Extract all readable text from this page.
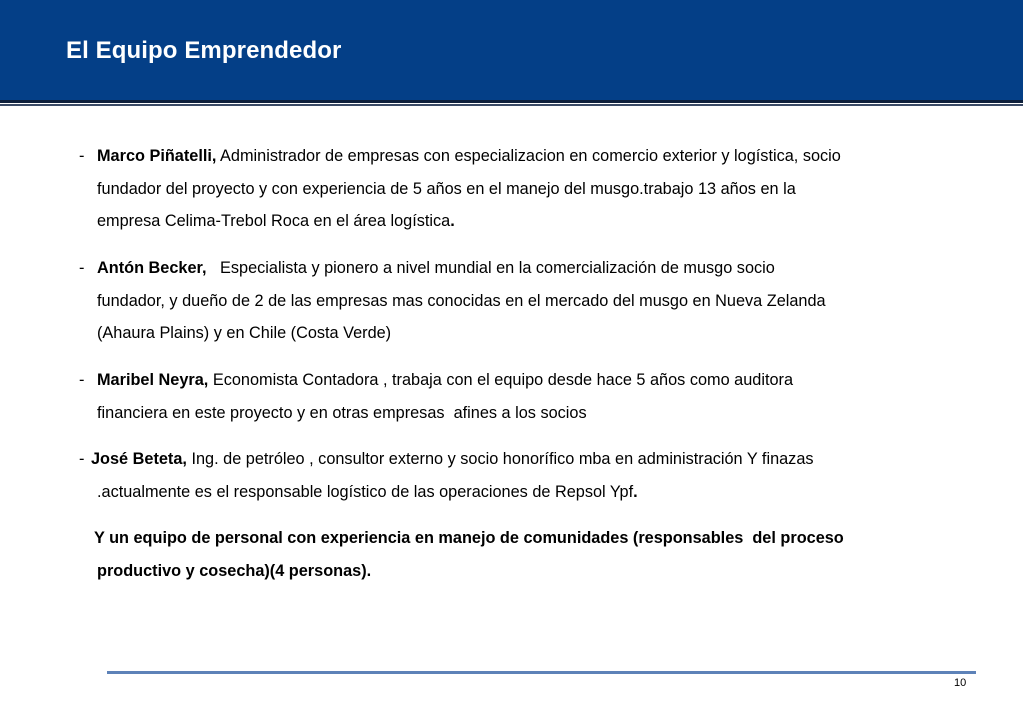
El Equipo Emprendedor
- Marco Piñatelli, Administrador de empresas con especializacion en comercio exterior y logística, socio
fundador del proyecto y con experiencia de 5 años en el manejo del musgo.trabajo 13 años en la
empresa Celima-Trebol Roca en el área logística.
- Antón Becker,   Especialista y pionero a nivel mundial en la comercialización de musgo socio
fundador, y dueño de 2 de las empresas mas conocidas en el mercado del musgo en Nueva Zelanda
(Ahaura Plains) y en Chile (Costa Verde)
- Maribel Neyra, Economista Contadora , trabaja con el equipo desde hace 5 años como auditora
financiera en este proyecto y en otras empresas  afines a los socios
- José Beteta, Ing. de petróleo , consultor externo y socio honorífico mba en administración Y finazas
.actualmente es el responsable logístico de las operaciones de Repsol Ypf.
Y un equipo de personal con experiencia en manejo de comunidades (responsables  del proceso
productivo y cosecha)(4 personas).
10
